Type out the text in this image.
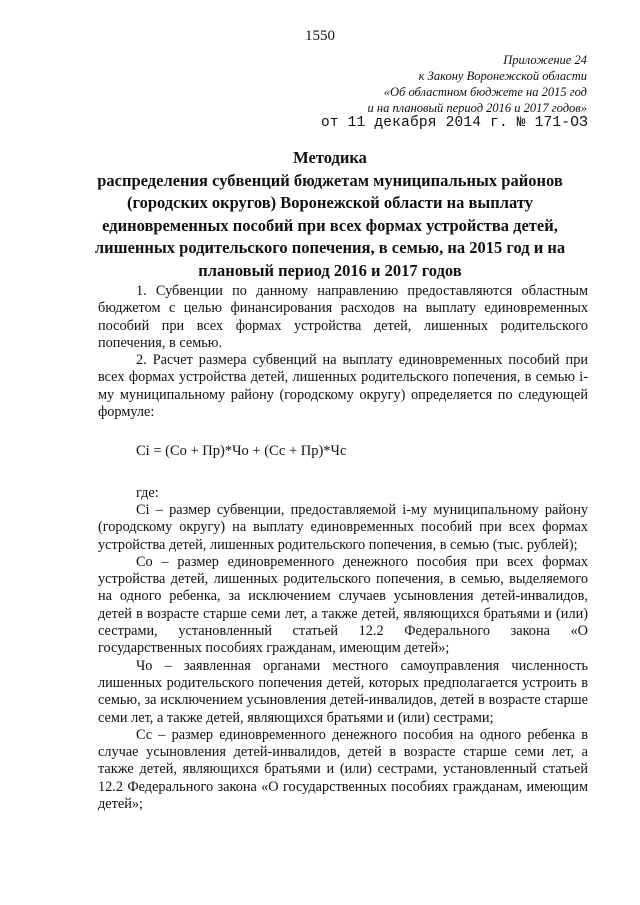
1550
Приложение 24
к Закону Воронежской области
«Об областном бюджете на 2015 год
и на плановый период 2016 и 2017 годов»
от 11 декабря 2014 г. № 171-ОЗ
Методика
распределения субвенций бюджетам муниципальных районов
(городских округов) Воронежской области на выплату
единовременных пособий при всех формах устройства детей,
лишенных родительского попечения, в семью, на 2015 год и на
плановый период 2016 и 2017 годов

1. Субвенции по данному направлению предоставляются областным бюджетом с целью финансирования расходов на выплату единовременных пособий при всех формах устройства детей, лишенных родительского попечения, в семью.

2. Расчет размера субвенций на выплату единовременных пособий при всех формах устройства детей, лишенных родительского попечения, в семью i-му муниципальному району (городскому округу) определяется по следующей формуле:

Сi = (Со + Пр)*Чо + (Сс + Пр)*Чс

где:

Сi – размер субвенции, предоставляемой i-му муниципальному району (городскому округу) на выплату единовременных пособий при всех формах устройства детей, лишенных родительского попечения, в семью (тыс. рублей);

Со – размер единовременного денежного пособия при всех формах устройства детей, лишенных родительского попечения, в семью, выделяемого на одного ребенка, за исключением случаев усыновления детей-инвалидов, детей в возрасте старше семи лет, а также детей, являющихся братьями и (или) сестрами, установленный статьей 12.2 Федерального закона «О государственных пособиях гражданам, имеющим детей»;

Чо – заявленная органами местного самоуправления численность лишенных родительского попечения детей, которых предполагается устроить в семью, за исключением усыновления детей-инвалидов, детей в возрасте старше семи лет, а также детей, являющихся братьями и (или) сестрами;

Сс – размер единовременного денежного пособия на одного ребенка в случае усыновления детей-инвалидов, детей в возрасте старше семи лет, а также детей, являющихся братьями и (или) сестрами, установленный статьей 12.2 Федерального закона «О государственных пособиях гражданам, имеющим детей»;
